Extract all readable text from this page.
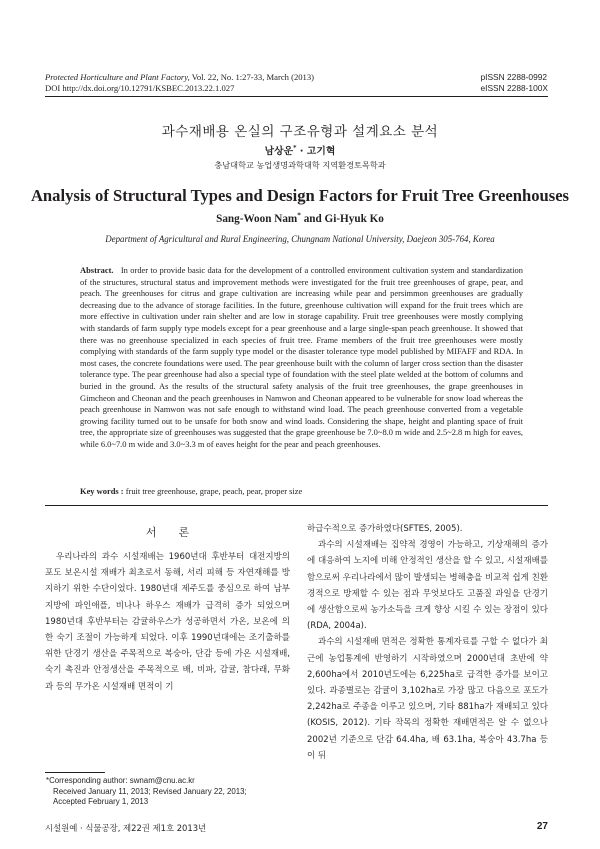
Protected Horticulture and Plant Factory, Vol. 22, No. 1:27-33, March (2013)
DOI http://dx.doi.org/10.12791/KSBEC.2013.22.1.027
pISSN 2288-0992
eISSN 2288-100X
과수재배용 온실의 구조유형과 설계요소 분석
남상운* · 고기혁
충남대학교 농업생명과학대학 지역환경토목학과
Analysis of Structural Types and Design Factors for Fruit Tree Greenhouses
Sang-Woon Nam* and Gi-Hyuk Ko
Department of Agricultural and Rural Engineering, Chungnam National University, Daejeon 305-764, Korea
Abstract. In order to provide basic data for the development of a controlled environment cultivation system and standardization of the structures, structural status and improvement methods were investigated for the fruit tree greenhouses of grape, pear, and peach. The greenhouses for citrus and grape cultivation are increasing while pear and persimmon greenhouses are gradually decreasing due to the advance of storage facilities. In the future, greenhouse cultivation will expand for the fruit trees which are more effective in cultivation under rain shelter and are low in storage capability. Fruit tree greenhouses were mostly complying with standards of farm supply type models except for a pear greenhouse and a large single-span peach greenhouse. It showed that there was no greenhouse specialized in each species of fruit tree. Frame members of the fruit tree greenhouses were mostly complying with standards of the farm supply type model or the disaster tolerance type model published by MIFAFF and RDA. In most cases, the concrete foundations were used. The pear greenhouse built with the column of larger cross section than the disaster tolerance type. The pear greenhouse had also a special type of foundation with the steel plate welded at the bottom of columns and buried in the ground. As the results of the structural safety analysis of the fruit tree greenhouses, the grape greenhouses in Gimcheon and Cheonan and the peach greenhouses in Namwon and Cheonan appeared to be vulnerable for snow load whereas the peach greenhouse in Namwon was not safe enough to withstand wind load. The peach greenhouse converted from a vegetable growing facility turned out to be unsafe for both snow and wind loads. Considering the shape, height and planting space of fruit tree, the appropriate size of greenhouses was suggested that the grape greenhouse be 7.0~8.0 m wide and 2.5~2.8 m high for eaves, while 6.0~7.0 m wide and 3.0~3.3 m of eaves height for the pear and peach greenhouses.
Key words : fruit tree greenhouse, grape, peach, pear, proper size
서론

우리나라의 과수 시설재배는 1960년대 후반부터 대전지방의 포도 보온시설 재배가 최초로서 동해, 서리 피해 등 자연재해를 방지하기 위한 수단이었다. 1980년대 제주도를 중심으로 하여 남부지방에 파인애플, 비나나 하우스 재배가 급격히 증가 되었으며 1980년대 후반부터는 감귤하우스가 성공하면서 가온, 보온에 의한 숙기 조절이 가능하게 되었다. 이후 1990년대에는 조기출하를 위한 단경기 생산을 주목적으로 복숭아, 단감 등에 가온 시설재배, 숙기 촉진과 안정생산을 주목적으로 배, 비파, 감귤, 참다래, 무화과 등의 무가온 시설재배 면적이 기

하급수적으로 증가하였다(SFTES, 2005).

과수의 시설재배는 집약적 경영이 가능하고, 기상재해의 증가에 대응하여 노지에 비해 안정적인 생산을 할 수 있고, 시설재배를 함으로써 우리나라에서 많이 발생되는 병해충을 비교적 쉽게 친환경적으로 방제할 수 있는 점과 무엇보다도 고품질 과일을 단경기에 생산함으로써 농가소득을 크게 향상 시킬 수 있는 장점이 있다(RDA, 2004a).

과수의 시설재배 면적은 정확한 통계자료를 구할 수 없다가 최근에 농업통계에 반영하기 시작하였으며 2000년대 초반에 약 2,600ha에서 2010년도에는 6,225ha로 급격한 증가를 보이고 있다. 과종별로는 감귤이 3,102ha로 가장 많고 다음으로 포도가 2,242ha로 주종을 이루고 있으며, 기타 881ha가 재배되고 있다(KOSIS, 2012). 기타 작목의 정확한 재배면적은 알 수 없으나 2002년 기준으로 단감 64.4ha, 배 63.1ha, 복숭아 43.7ha 등이 뒤

*Corresponding author: swnam@cnu.ac.kr
Received January 11, 2013; Revised January 22, 2013;
Accepted February 1, 2013
시설원예 · 식물공장, 제22권 제1호 2013년	27
